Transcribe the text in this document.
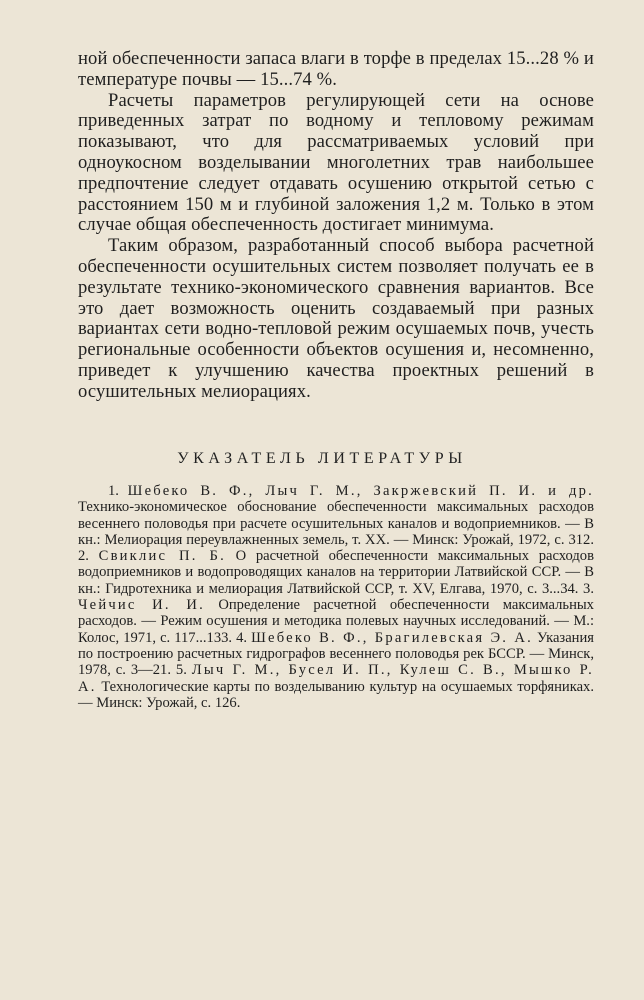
ной обеспеченности запаса влаги в торфе в пределах 15...28 % и температуре почвы — 15...74 %.

Расчеты параметров регулирующей сети на основе приведенных затрат по водному и тепловому режимам показывают, что для рассматриваемых условий при одноукосном возделывании многолетних трав наибольшее предпочтение следует отдавать осушению открытой сетью с расстоянием 150 м и глубиной заложения 1,2 м. Только в этом случае общая обеспеченность достигает минимума.

Таким образом, разработанный способ выбора расчетной обеспеченности осушительных систем позволяет получать ее в результате технико-экономического сравнения вариантов. Все это дает возможность оценить создаваемый при разных вариантах сети водно-тепловой режим осушаемых почв, учесть региональные особенности объектов осушения и, несомненно, приведет к улучшению качества проектных решений в осушительных мелиорациях.

УКАЗАТЕЛЬ ЛИТЕРАТУРЫ
1. Шебеко В. Ф., Лыч Г. М., Закржевский П. И. и др. Технико-экономическое обоснование обеспеченности максимальных расходов весеннего половодья при расчете осушительных каналов и водоприемников. — В кн.: Мелиорация переувлажненных земель, т. XX. — Минск: Урожай, 1972, с. 312. 2. Свиклис П. Б. О расчетной обеспеченности максимальных расходов водоприемников и водопроводящих каналов на территории Латвийской ССР. — В кн.: Гидротехника и мелиорация Латвийской ССР, т. XV, Елгава, 1970, с. 3...34. 3. Чейчис И. И. Определение расчетной обеспеченности максимальных расходов. — Режим осушения и методика полевых научных исследований. — М.: Колос, 1971, с. 117...133. 4. Шебеко В. Ф., Брагилевская Э. А. Указания по построению расчетных гидрографов весеннего половодья рек БССР. — Минск, 1978, с. 3—21. 5. Лыч Г. М., Бусел И. П., Кулеш С. В., Мышко Р. А. Технологические карты по возделыванию культур на осушаемых торфяниках. — Минск: Урожай, с. 126.
